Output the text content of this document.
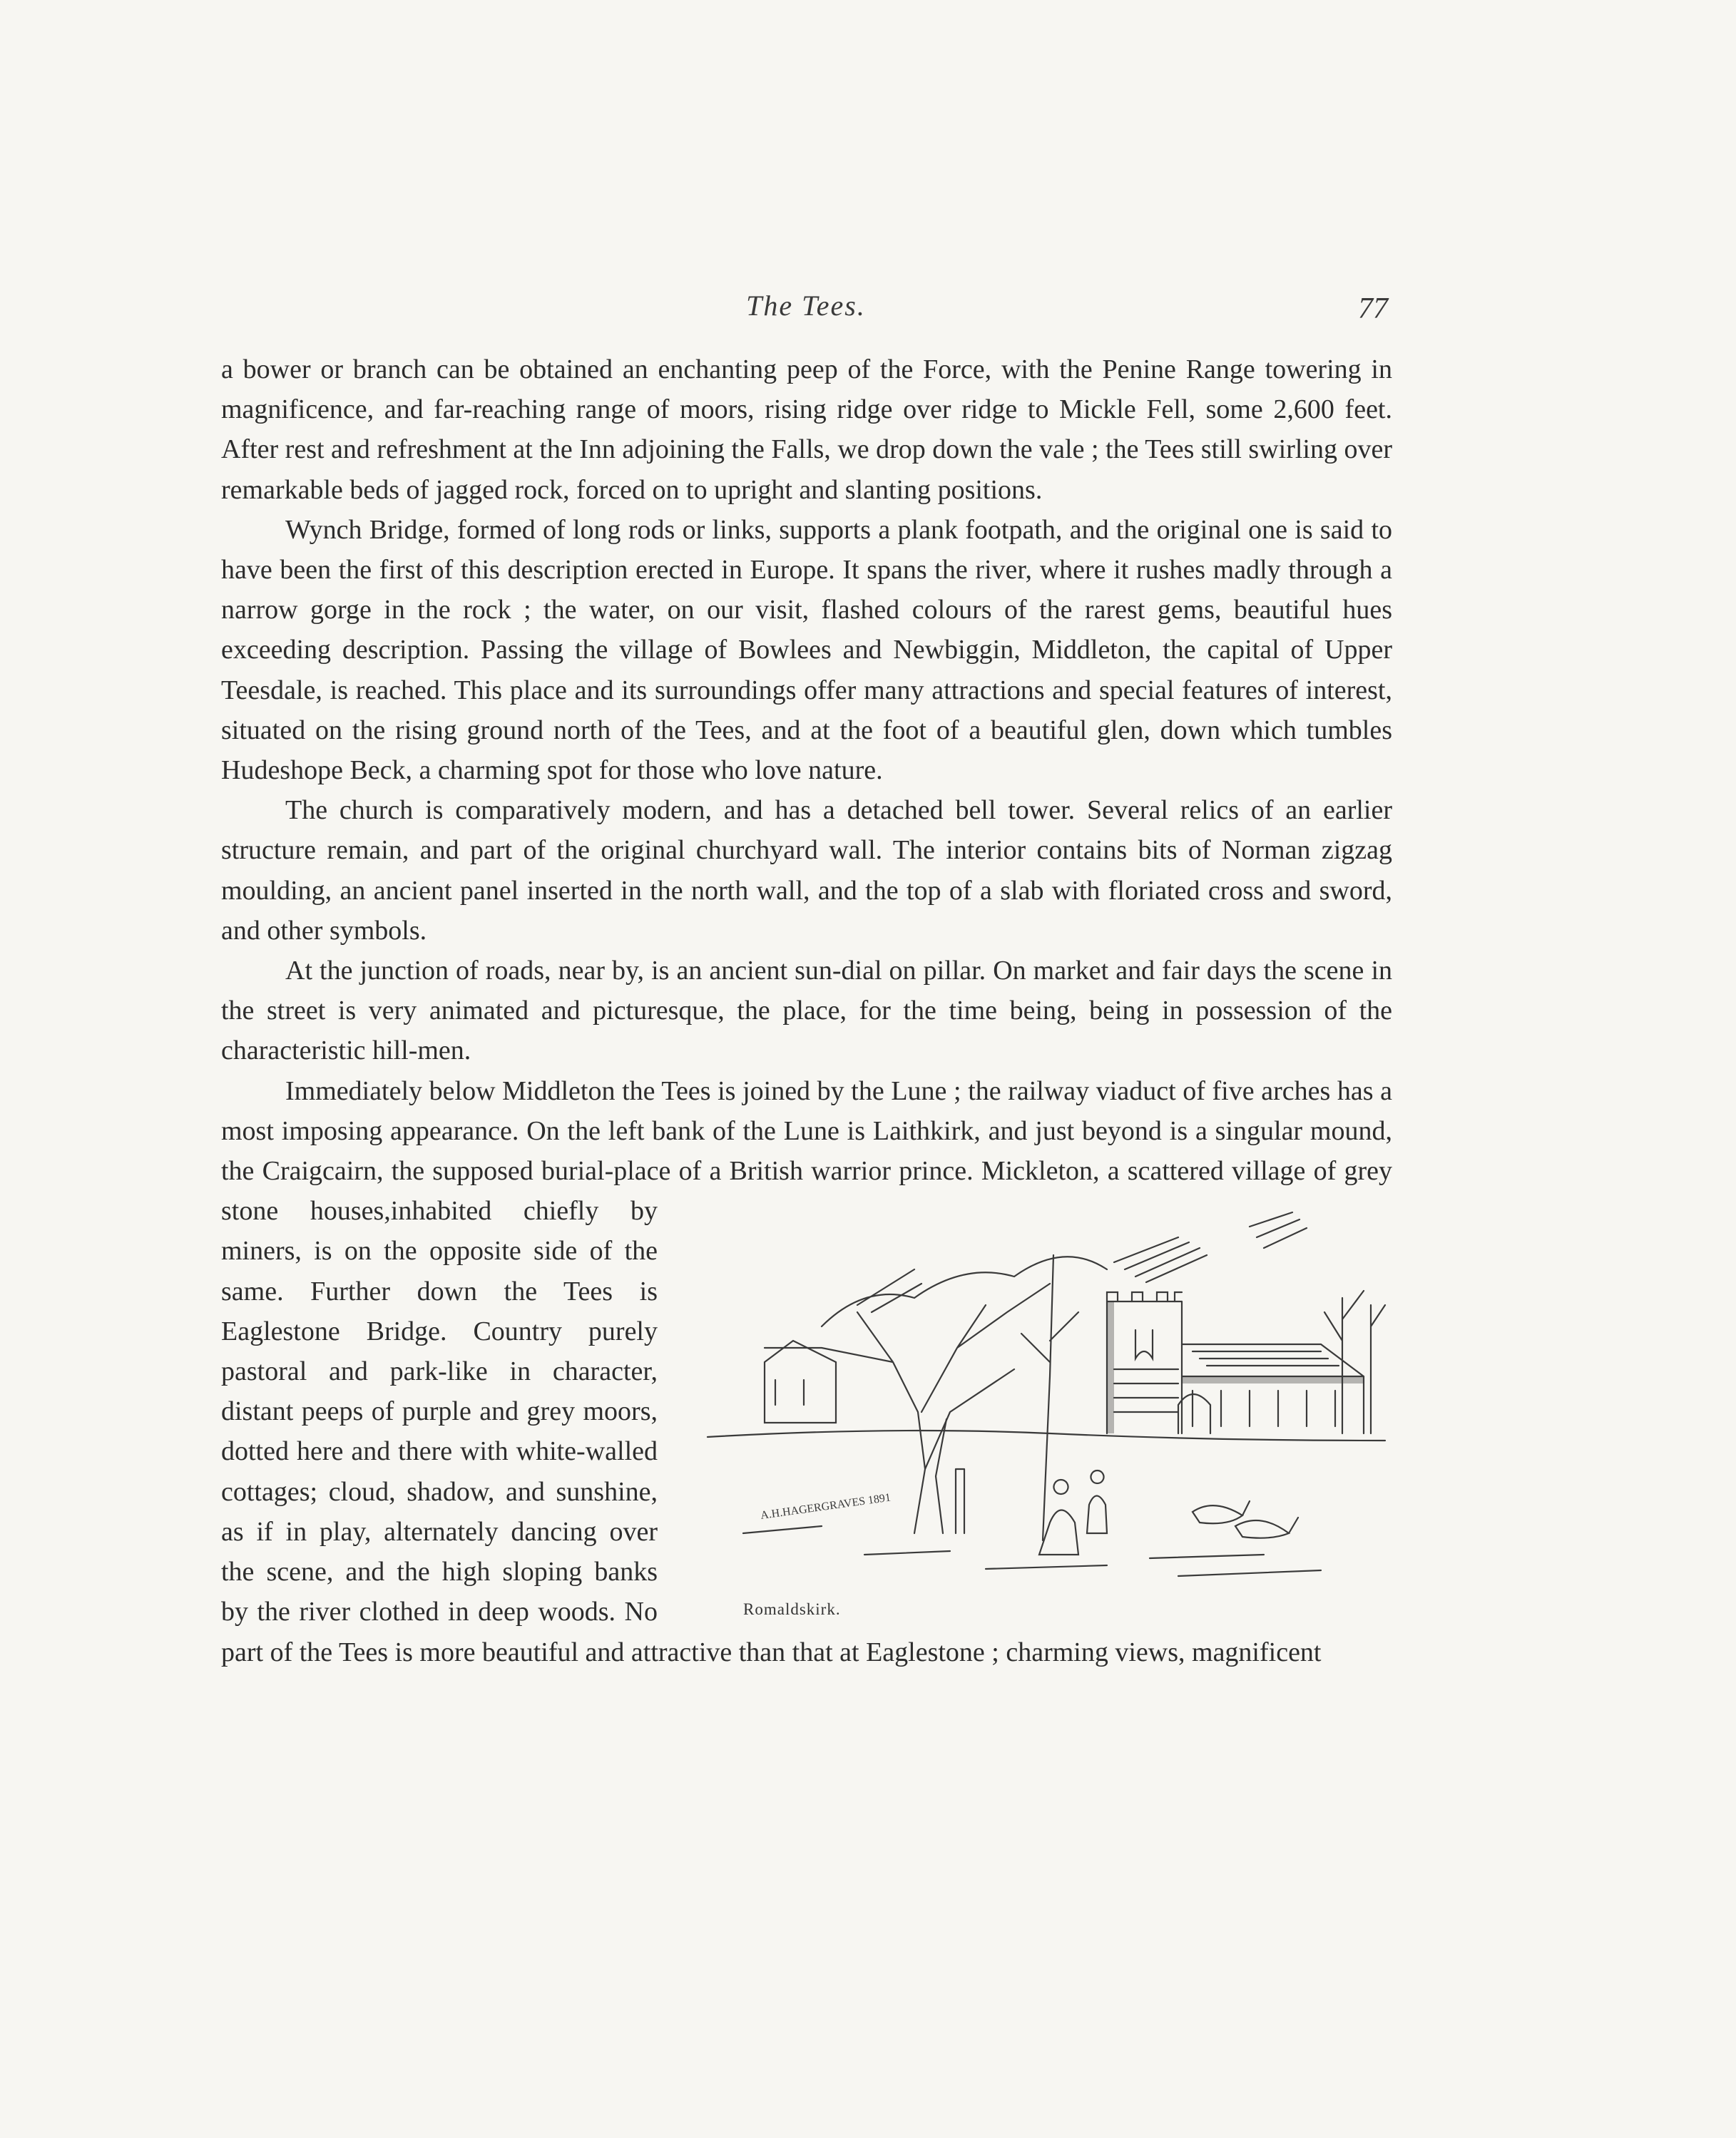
The Tees.	77

a bower or branch can be obtained an enchanting peep of the Force, with the Penine Range towering in magnificence, and far-reaching range of moors, rising ridge over ridge to Mickle Fell, some 2,600 feet. After rest and refreshment at the Inn adjoining the Falls, we drop down the vale ; the Tees still swirling over remarkable beds of jagged rock, forced on to upright and slanting positions.

Wynch Bridge, formed of long rods or links, supports a plank footpath, and the original one is said to have been the first of this description erected in Europe. It spans the river, where it rushes madly through a narrow gorge in the rock ; the water, on our visit, flashed colours of the rarest gems, beautiful hues exceeding description. Passing the village of Bowlees and Newbiggin, Middleton, the capital of Upper Teesdale, is reached. This place and its surroundings offer many attractions and special features of interest, situated on the rising ground north of the Tees, and at the foot of a beautiful glen, down which tumbles Hudeshope Beck, a charming spot for those who love nature.

The church is comparatively modern, and has a detached bell tower. Several relics of an earlier structure remain, and part of the original churchyard wall. The interior contains bits of Norman zigzag moulding, an ancient panel inserted in the north wall, and the top of a slab with floriated cross and sword, and other symbols.

At the junction of roads, near by, is an ancient sun-dial on pillar. On market and fair days the scene in the street is very animated and picturesque, the place, for the time being, being in possession of the characteristic hill-men.

Immediately below Middleton the Tees is joined by the Lune ; the railway viaduct of five arches has a most imposing appearance. On the left bank of the Lune is Laithkirk, and just beyond is a singular mound, the Craigcairn, the supposed burial-place of a British warrior prince. Mickleton, a scattered village of grey stone houses,
A.H.HAGERGRAVES 1891
Romaldskirk.
inhabited chiefly by miners, is on the opposite side of the same. Further down the Tees is Eaglestone Bridge. Country purely pastoral and park-like in character, distant peeps of purple and grey moors, dotted here and there with white-walled cottages; cloud, shadow, and sunshine, as if in play, alternately dancing over the scene, and the high sloping banks by the river clothed in deep woods. No part of the Tees is more beautiful and attractive than that at Eaglestone ; charming views, magnificent
